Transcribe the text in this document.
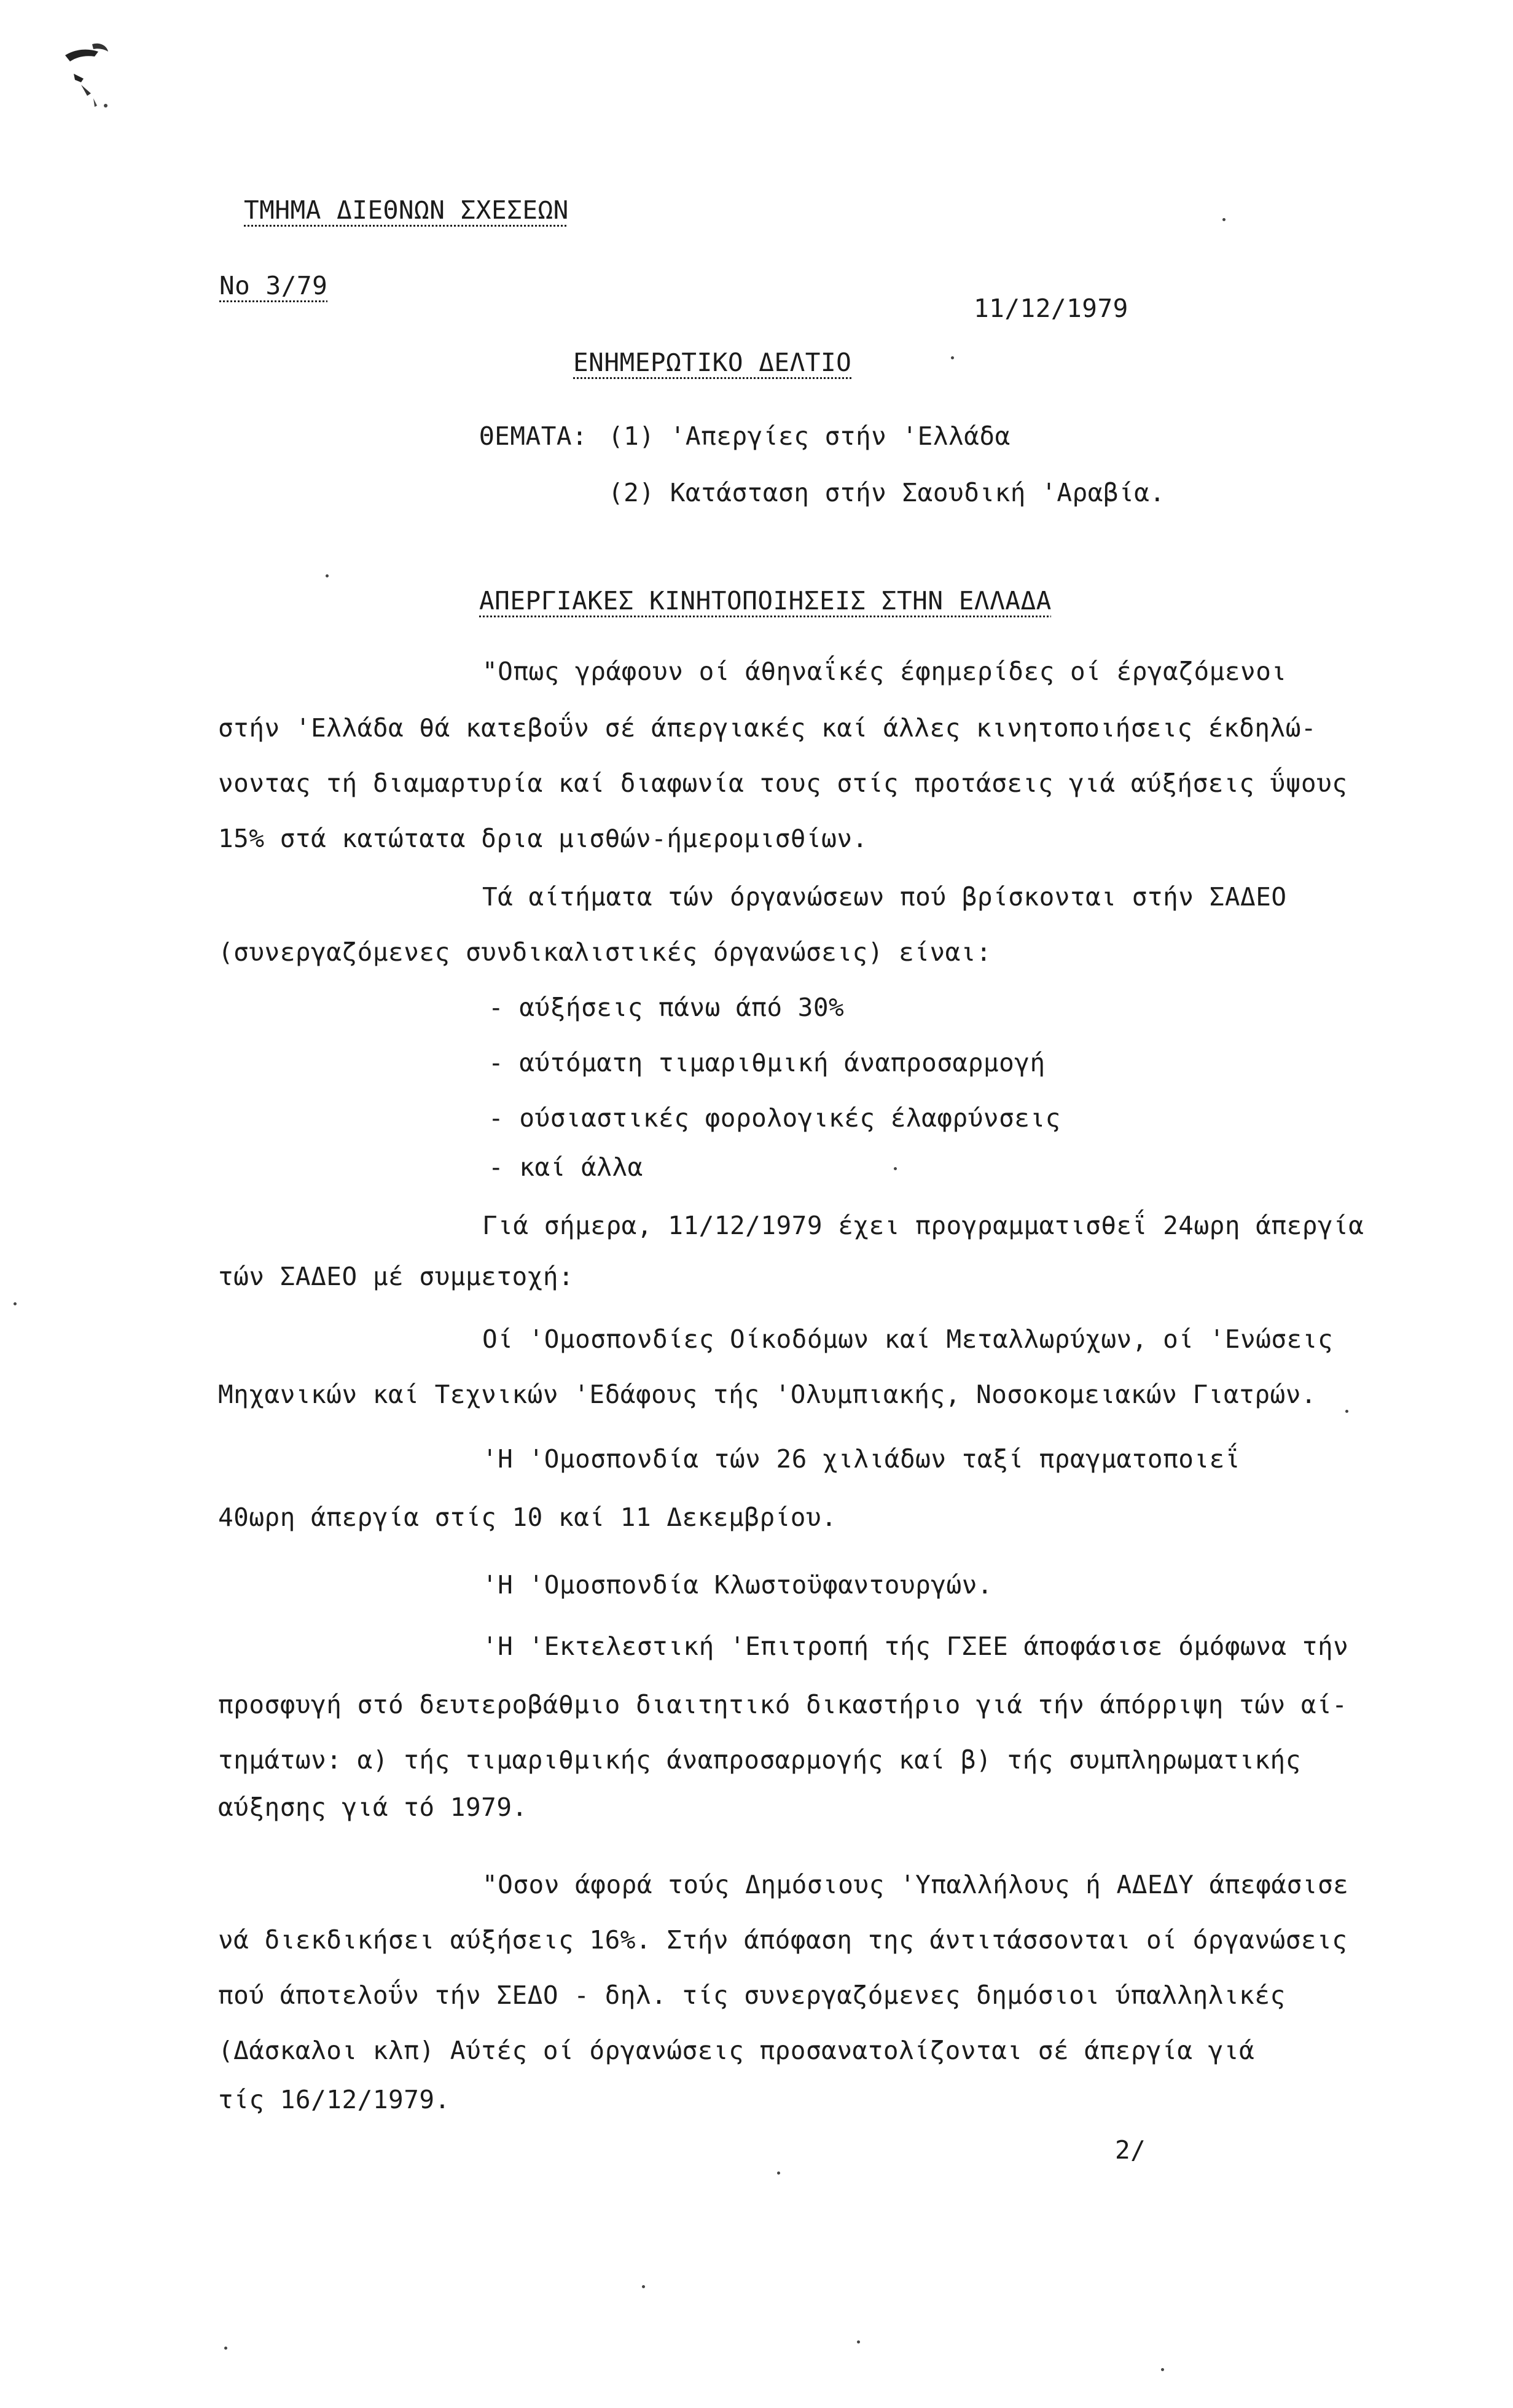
ΤΜΗΜΑ ΔΙΕΘΝΩΝ ΣΧΕΣΕΩΝ
Νο 3/79
11/12/1979
ΕΝΗΜΕΡΩΤΙΚΟ ΔΕΛΤΙΟ
ΘΕΜΑΤΑ: (1) 'Απεργίες στήν 'Ελλάδα
(2) Κατάσταση στήν Σαουδική 'Αραβία.
ΑΠΕΡΓΙΑΚΕΣ ΚΙΝΗΤΟΠΟΙΗΣΕΙΣ ΣΤΗΝ ΕΛΛΑΔΑ
"Οπως γράφουν οί άθηναΐκές έφημερίδες οί έργαζόμενοι
στήν 'Ελλάδα θά κατεβοΰν σέ άπεργιακές καί άλλες κινητοποιήσεις έκδηλώ-
νοντας τή διαμαρτυρία καί διαφωνία τους στίς προτάσεις γιά αύξήσεις ΰψους
15% στά κατώτατα δρια μισθών-ήμερομισθίων.
Τά αίτήματα τών όργανώσεων πού βρίσκονται στήν ΣΑΔΕΟ
(συνεργαζόμενες συνδικαλιστικές όργανώσεις) είναι:
- αύξήσεις πάνω άπό 30%
- αύτόματη τιμαριθμική άναπροσαρμογή
- ούσιαστικές φορολογικές έλαφρύνσεις
- καί άλλα
Γιά σήμερα, 11/12/1979 έχει προγραμματισθεΐ 24ωρη άπεργία
τών ΣΑΔΕΟ μέ συμμετοχή:
Οί 'Ομοσπονδίες Οίκοδόμων καί Μεταλλωρύχων, οί 'Ενώσεις
Μηχανικών καί Τεχνικών 'Εδάφους τής 'Ολυμπιακής, Νοσοκομειακών Γιατρών.
'Η 'Ομοσπονδία τών 26 χιλιάδων ταξί πραγματοποιεΐ
40ωρη άπεργία στίς 10 καί 11 Δεκεμβρίου.
'Η 'Ομοσπονδία Κλωστοϋφαντουργών.
'Η 'Εκτελεστική 'Επιτροπή τής ΓΣΕΕ άποφάσισε όμόφωνα τήν
προσφυγή στό δευτεροβάθμιο διαιτητικό δικαστήριο γιά τήν άπόρριψη τών αί-
τημάτων: α) τής τιμαριθμικής άναπροσαρμογής καί β) τής συμπληρωματικής
αύξησης γιά τό 1979.
"Οσον άφορά τούς Δημόσιους 'Υπαλλήλους ή ΑΔΕΔΥ άπεφάσισε
νά διεκδικήσει αύξήσεις 16%. Στήν άπόφαση της άντιτάσσονται οί όργανώσεις
πού άποτελοΰν τήν ΣΕΔΟ - δηλ. τίς συνεργαζόμενες δημόσιοι ύπαλληλικές
(Δάσκαλοι κλπ) Αύτές οί όργανώσεις προσανατολίζονται σέ άπεργία γιά
τίς 16/12/1979.
2/
